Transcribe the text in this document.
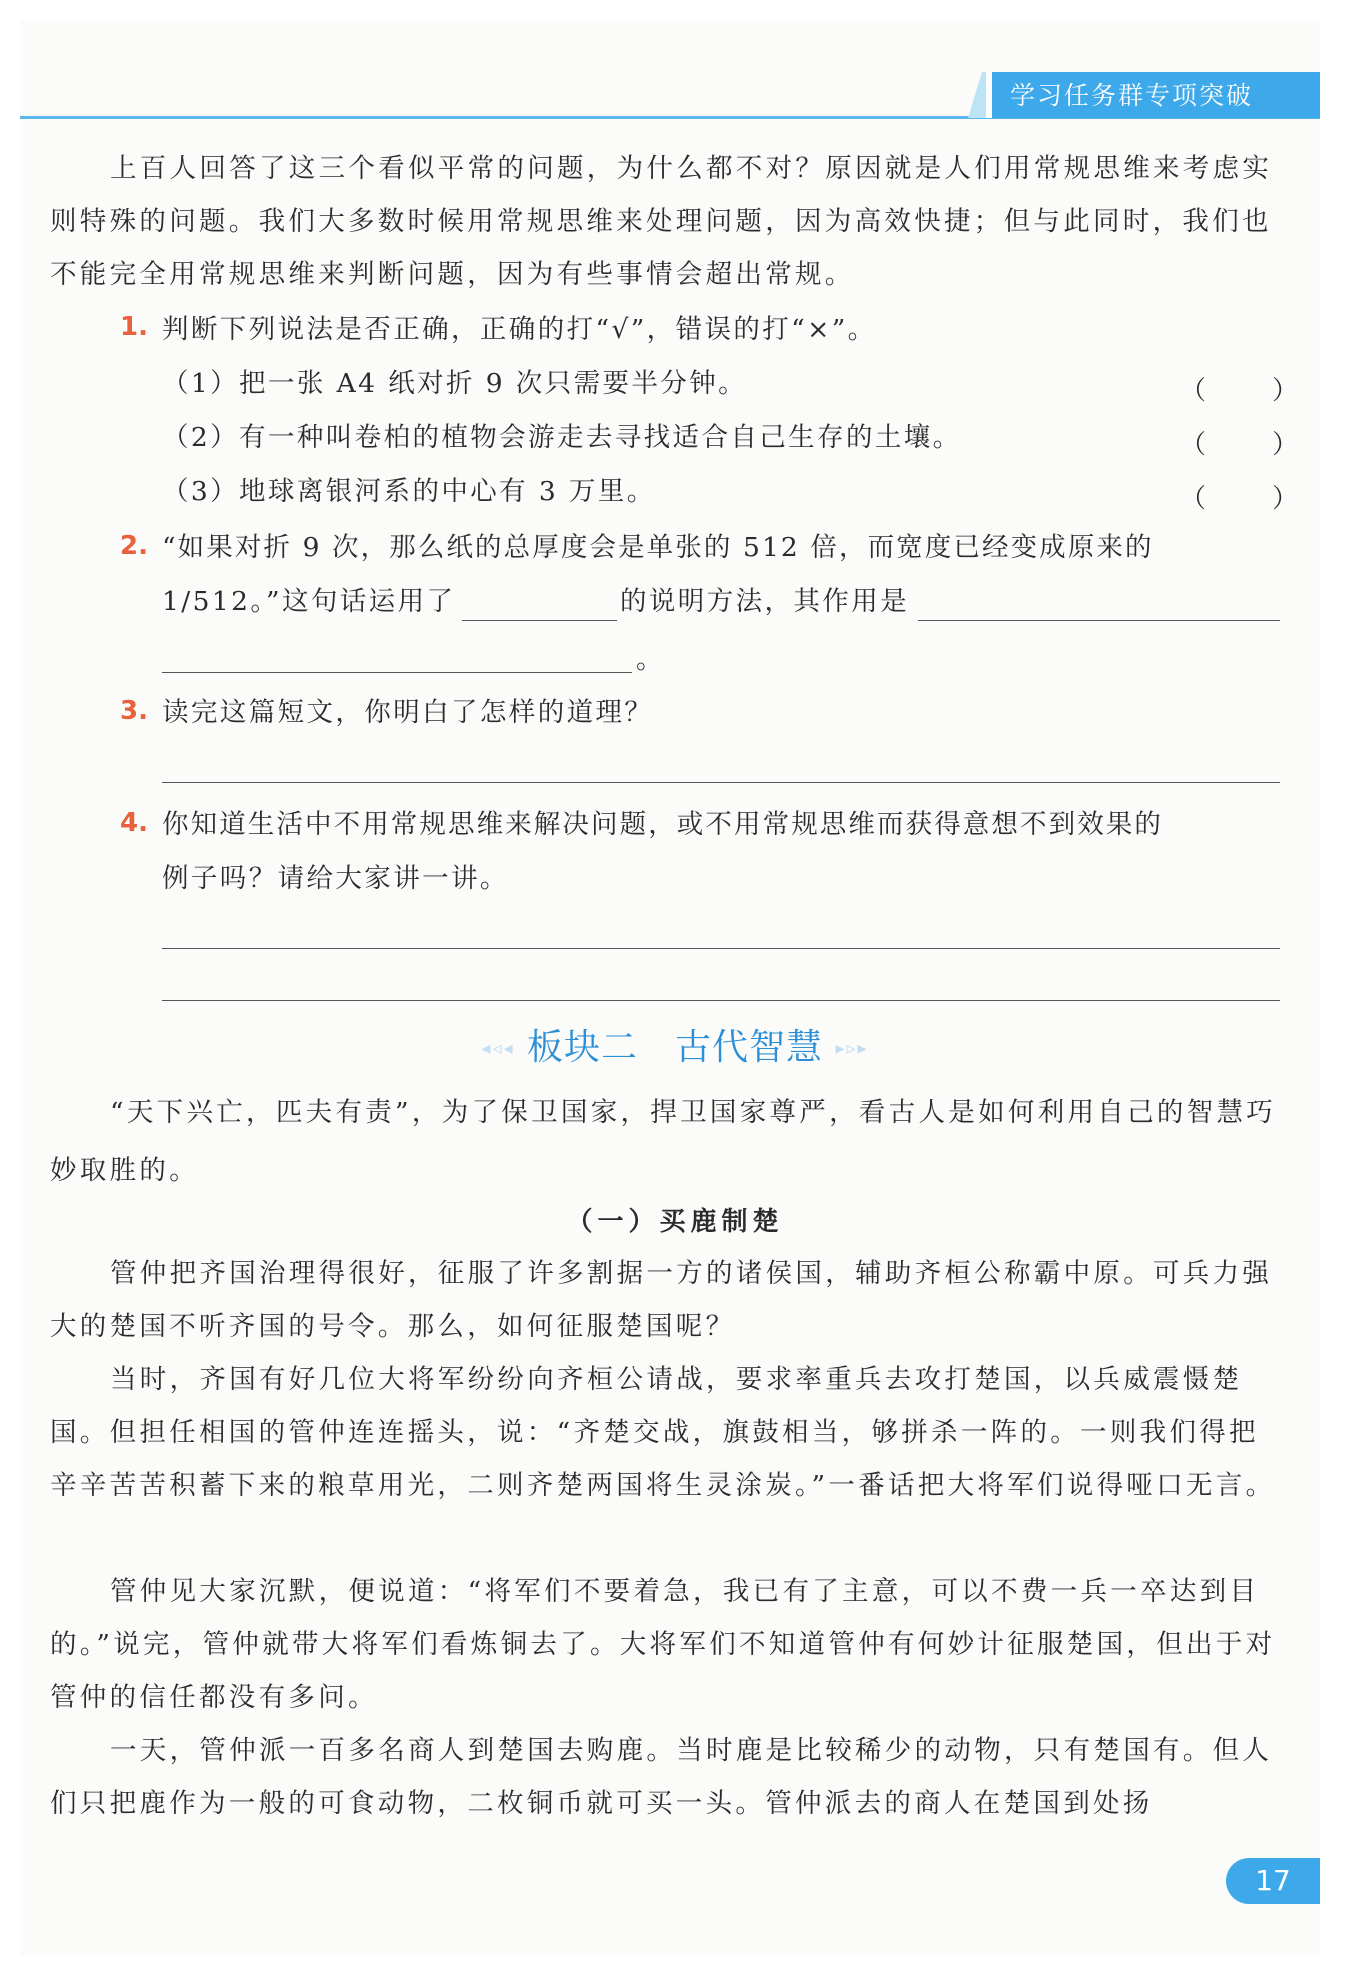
学习任务群专项突破

上百人回答了这三个看似平常的问题，为什么都不对？原因就是人们用常规思维来考虑实则特殊的问题。我们大多数时候用常规思维来处理问题，因为高效快捷；但与此同时，我们也不能完全用常规思维来判断问题，因为有些事情会超出常规。

1. 判断下列说法是否正确，正确的打“√”，错误的打“×”。
（1）把一张 A4 纸对折 9 次只需要半分钟。	（        ）
（2）有一种叫卷柏的植物会游走去寻找适合自己生存的土壤。	（        ）
（3）地球离银河系的中心有 3 万里。	（        ）
2. “如果对折 9 次，那么纸的总厚度会是单张的 512 倍，而宽度已经变成原来的
1/512。”这句话运用了	的说明方法，其作用是
。
3. 读完这篇短文，你明白了怎样的道理？
4. 你知道生活中不用常规思维来解决问题，或不用常规思维而获得意想不到效果的
例子吗？请给大家讲一讲。
◂◃◂ 板块二　古代智慧 ▸▹▸

“天下兴亡，匹夫有责”，为了保卫国家，捍卫国家尊严，看古人是如何利用自己的智慧巧妙取胜的。

（一）买鹿制楚

管仲把齐国治理得很好，征服了许多割据一方的诸侯国，辅助齐桓公称霸中原。可兵力强大的楚国不听齐国的号令。那么，如何征服楚国呢？

当时，齐国有好几位大将军纷纷向齐桓公请战，要求率重兵去攻打楚国，以兵威震慑楚国。但担任相国的管仲连连摇头，说：“齐楚交战，旗鼓相当，够拼杀一阵的。一则我们得把辛辛苦苦积蓄下来的粮草用光，二则齐楚两国将生灵涂炭。”一番话把大将军们说得哑口无言。

管仲见大家沉默，便说道：“将军们不要着急，我已有了主意，可以不费一兵一卒达到目的。”说完，管仲就带大将军们看炼铜去了。大将军们不知道管仲有何妙计征服楚国，但出于对管仲的信任都没有多问。

一天，管仲派一百多名商人到楚国去购鹿。当时鹿是比较稀少的动物，只有楚国有。但人们只把鹿作为一般的可食动物，二枚铜币就可买一头。管仲派去的商人在楚国到处扬

17
